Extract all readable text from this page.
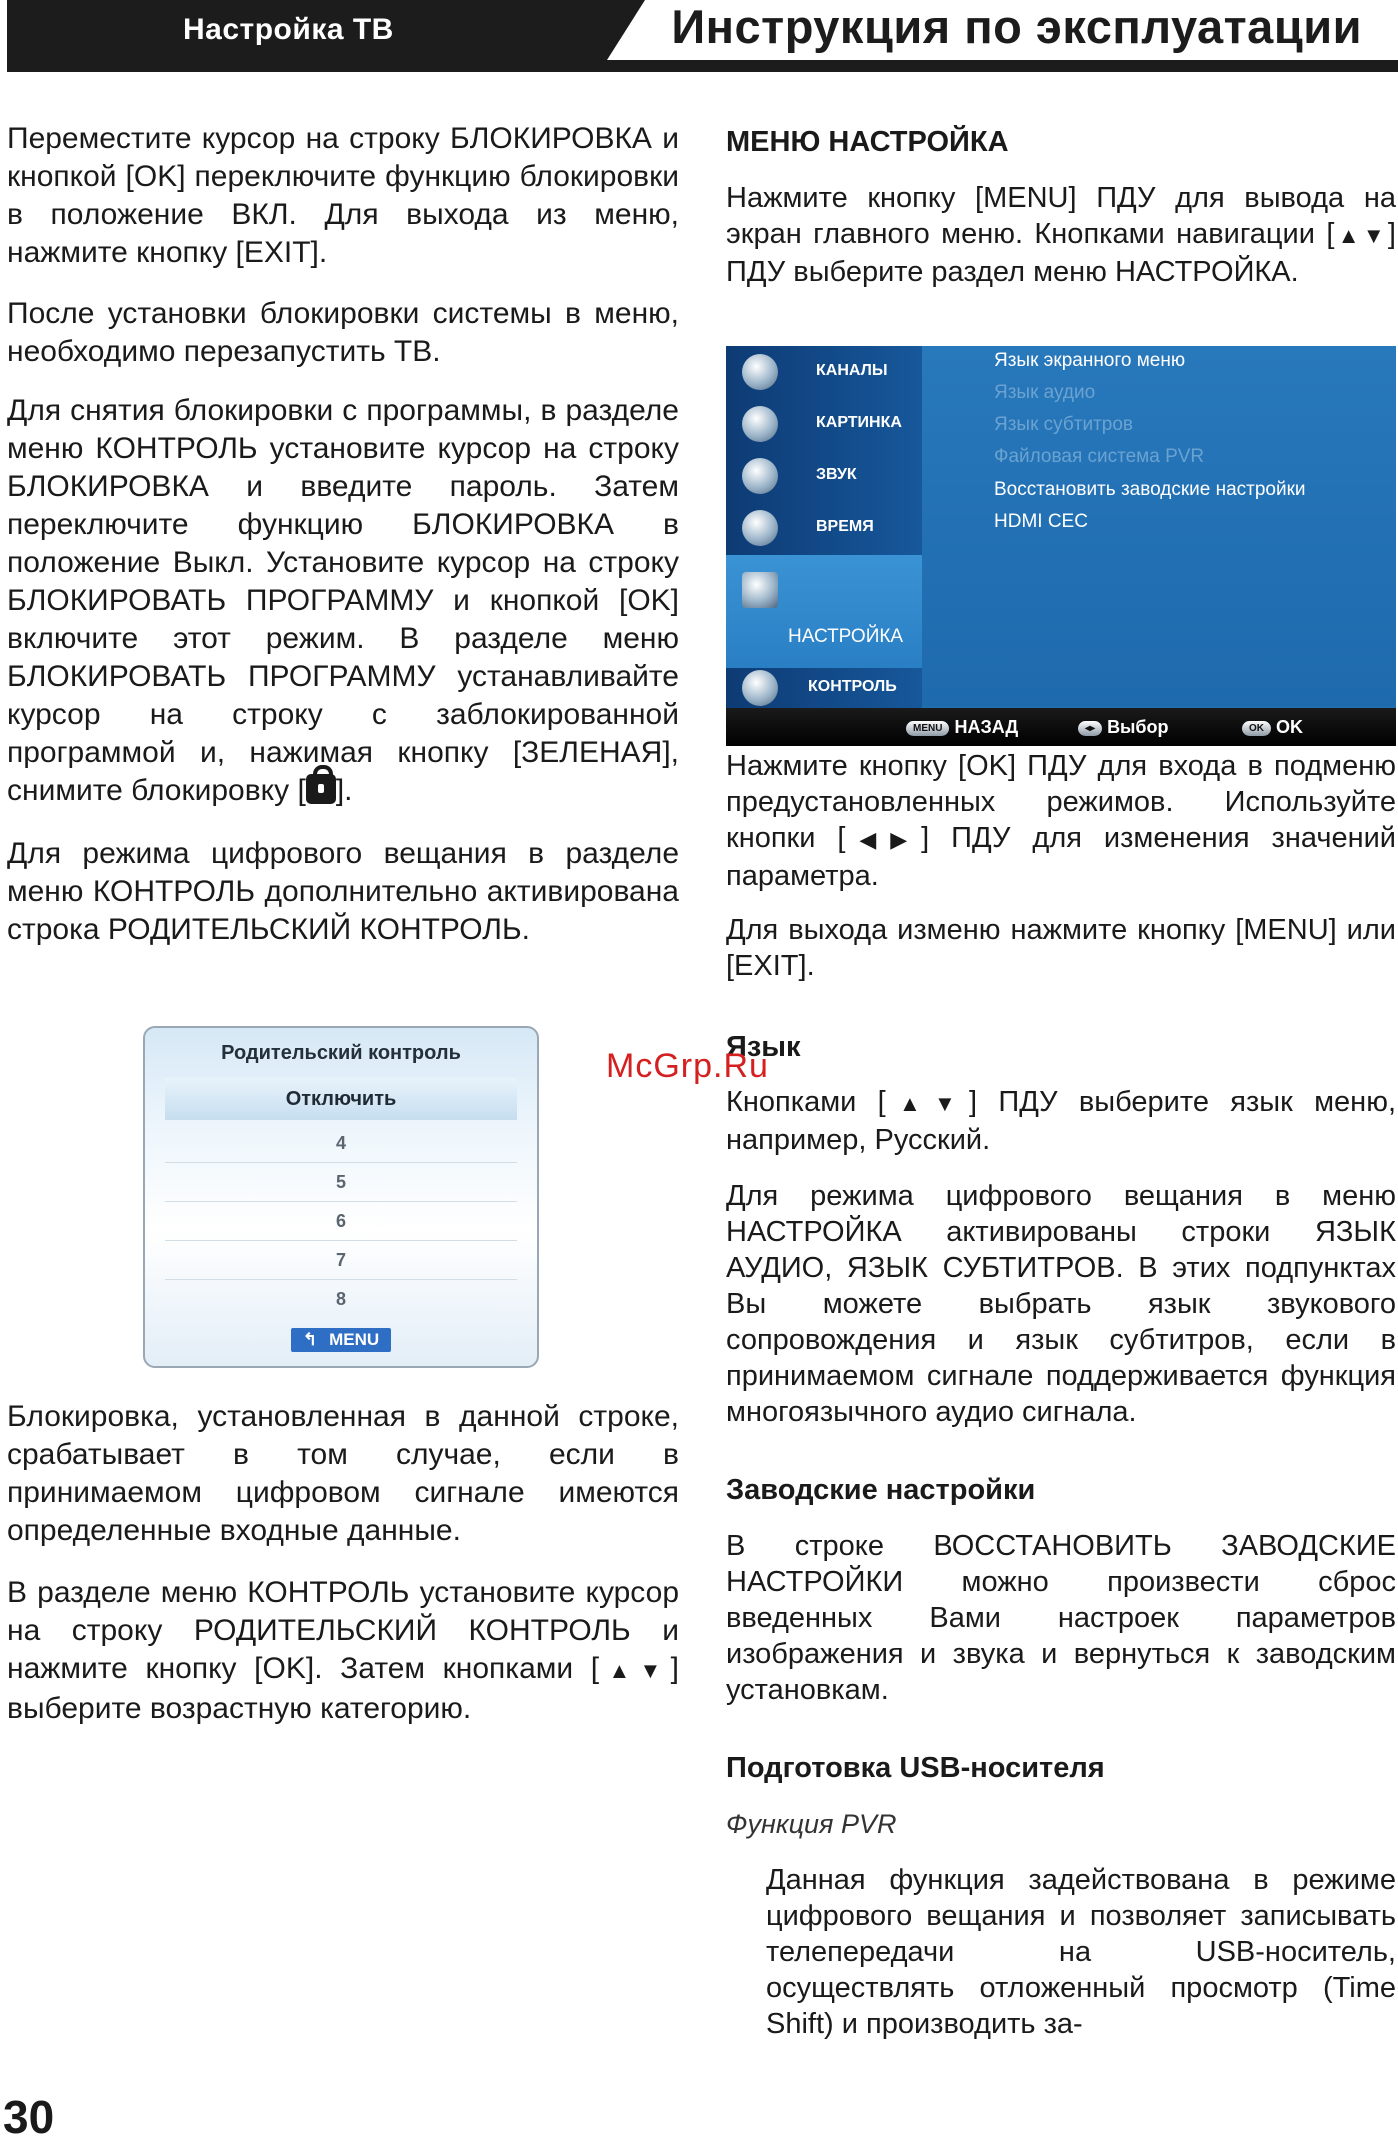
Настройка ТВ	Инструкция по эксплуатации

Переместите курсор на строку БЛОКИРОВКА и кнопкой [OK] переключите функцию блокировки в положение ВКЛ. Для выхода из меню, нажмите кнопку [EXIT].

После установки блокировки системы в меню, необходимо перезапустить ТВ.

Для снятия блокировки с программы, в разделе меню КОНТРОЛЬ установите курсор на строку БЛОКИРОВКА и введите пароль. Затем переключите функцию БЛОКИРОВКА в положение Выкл. Установите курсор на строку БЛОКИРОВАТЬ ПРОГРАММУ и кнопкой [OK] включите этот режим. В разделе меню БЛОКИРОВАТЬ ПРОГРАММУ устанавливайте курсор на строку с заблокированной программой и, нажимая кнопку [ЗЕЛЕНАЯ], снимите блокировку [ ].

Для режима цифрового вещания в разделе меню КОНТРОЛЬ дополнительно активирована строка РОДИТЕЛЬСКИЙ КОНТРОЛЬ.

Родительский контроль
Отключить
4
5
6
7
8
↰ MENU

Блокировка, установленная в данной строке, срабатывает в том случае, если в принимаемом цифровом сигнале имеются определенные входные данные.

В разделе меню КОНТРОЛЬ установите курсор на строку РОДИТЕЛЬСКИЙ КОНТРОЛЬ и нажмите кнопку [OK]. Затем кнопками [▲▼] выберите возрастную категорию.

МЕНЮ НАСТРОЙКА

Нажмите кнопку [MENU] ПДУ для вывода на экран главного меню. Кнопками навигации [▲▼] ПДУ выберите раздел меню НАСТРОЙКА.

КАНАЛЫ
КАРТИНКА
ЗВУК
ВРЕМЯ
НАСТРОЙКА
КОНТРОЛЬ
Язык экранного меню
Язык аудио
Язык субтитров
Файловая система PVR
Восстановить заводские настройки
HDMI CEC
MENU НАЗАД	◂▸ Выбор	OK OK

Нажмите кнопку [OK] ПДУ для входа в подменю предустановленных режимов. Используйте кнопки [◀▶] ПДУ для изменения значений параметра.

Для выхода изменю нажмите кнопку [MENU] или [EXIT].

Язык

Кнопками [▲▼] ПДУ выберите язык меню, например, Русский.

Для режима цифрового вещания в меню НАСТРОЙКА активированы строки ЯЗЫК АУДИО, ЯЗЫК СУБТИТРОВ. В этих подпунктах Вы можете выбрать язык звукового сопровождения и язык субтитров, если в принимаемом сигнале поддерживается функция многоязычного аудио сигнала.

Заводские настройки

В строке ВОССТАНОВИТЬ ЗАВОДСКИЕ НАСТРОЙКИ можно произвести сброс введенных Вами настроек параметров изображения и звука и вернуться к заводским установкам.

Подготовка USB-носителя

Функция PVR

Данная функция задействована в режиме цифрового вещания и позволяет записывать телепередачи на USB-носитель, осуществлять отложенный просмотр (Time Shift) и производить за-

McGrp.Ru
30
